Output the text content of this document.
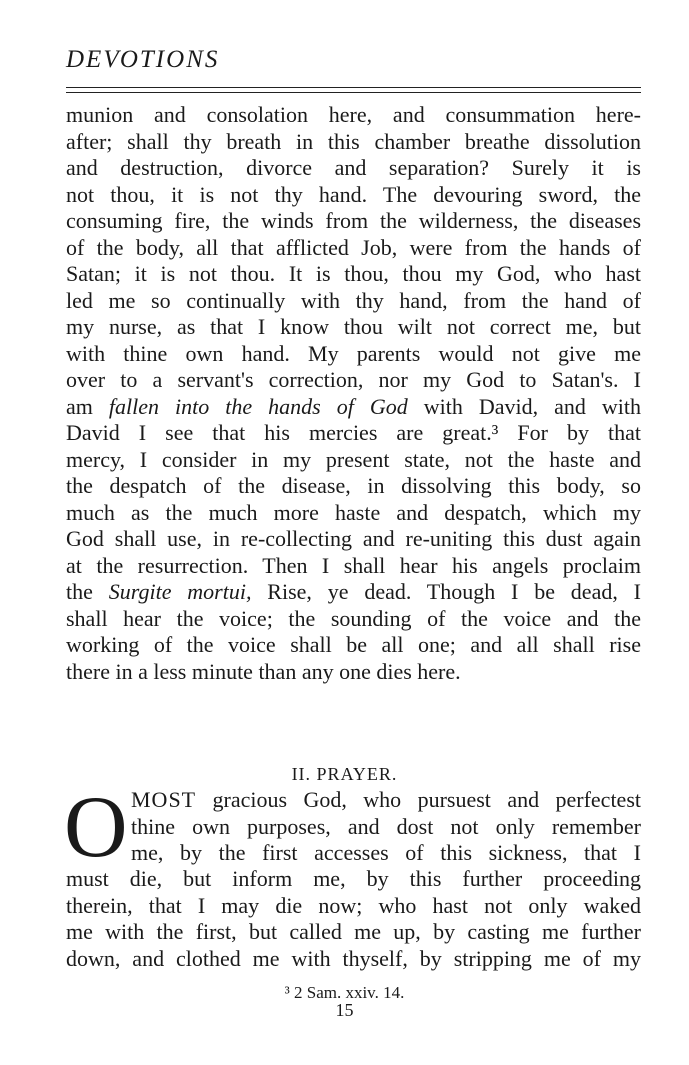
DEVOTIONS
munion and consolation here, and consummation here-
after; shall thy breath in this chamber breathe dissolution
and destruction, divorce and separation? Surely it is
not thou, it is not thy hand. The devouring sword, the
consuming fire, the winds from the wilderness, the diseases
of the body, all that afflicted Job, were from the hands of
Satan; it is not thou. It is thou, thou my God, who hast
led me so continually with thy hand, from the hand of
my nurse, as that I know thou wilt not correct me, but
with thine own hand. My parents would not give me
over to a servant's correction, nor my God to Satan's. I
am fallen into the hands of God with David, and with
David I see that his mercies are great.³ For by that
mercy, I consider in my present state, not the haste and
the despatch of the disease, in dissolving this body, so
much as the much more haste and despatch, which my
God shall use, in re-collecting and re-uniting this dust again
at the resurrection. Then I shall hear his angels proclaim
the Surgite mortui, Rise, ye dead. Though I be dead, I
shall hear the voice; the sounding of the voice and the
working of the voice shall be all one; and all shall rise
there in a less minute than any one dies here.
II. PRAYER.
O MOST gracious God, who pursuest and perfectest
thine own purposes, and dost not only remember
me, by the first accesses of this sickness, that I
must die, but inform me, by this further proceeding
therein, that I may die now; who hast not only waked
me with the first, but called me up, by casting me further
down, and clothed me with thyself, by stripping me of my
³ 2 Sam. xxiv. 14.
15
